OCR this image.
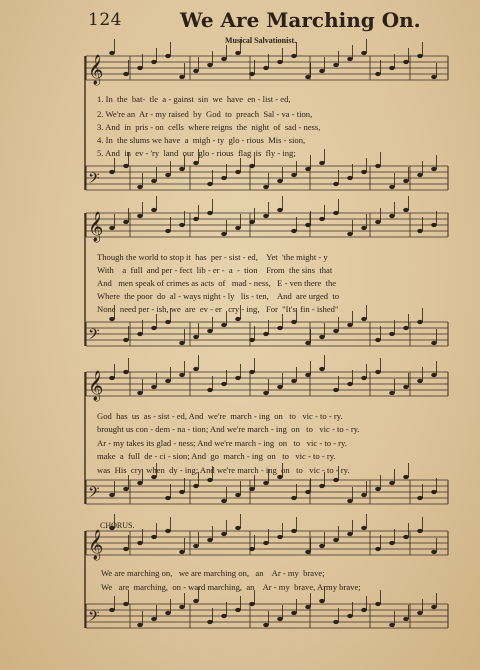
124	We Are Marching On.
Musical Salvationist.
𝄞
𝄢
𝄞
𝄢
𝄞
𝄢
𝄞
𝄢
1. In  the  bat-  tle  a - gainst  sin  we  have  en - list - ed,
2. We're an  Ar - my raised  by  God  to  preach  Sal - va - tion,
3. And  in  pris - on  cells  where reigns  the  night  of  sad - ness,
4. In  the slums we have  a  migh - ty  glo - rious  Mis - sion,
5. And  in  ev - 'ry  land  our  glo - rious  flag  is  fly - ing;
Though the world to stop it  has  per - sist - ed,    Yet  'the might - y
With    a  full  and per - fect  lib - er -  a  -  tion    From  the sins  that
And   men speak of crimes as acts  of   mad - ness,   E - ven there  the
Where  the poor  do  al - ways night - ly   lis - ten,    And  are urged  to
None  need per - ish, we  are  ev - er   cry - ing,   For  "It's  fin - ished"
God  has  us  as - sist - ed, And  we're  march - ing  on   to   vic - to - ry.
brought us con - dem - na - tion; And we're march - ing  on   to   vic - to - ry.
Ar - my takes its glad - ness; And we're march - ing  on   to   vic - to - ry.
make  a  full  de - ci - sion; And  go  march - ing  on   to   vic - to - ry.
was  His  cry  when  dy - ing; And we're march - ing  on   to   vic - to - ry.
CHORUS.
We are marching on,   we are marching on,   an    Ar - my  brave;
We   are  marching,  on - ward marching,  an    Ar - my  brave, Army brave;
